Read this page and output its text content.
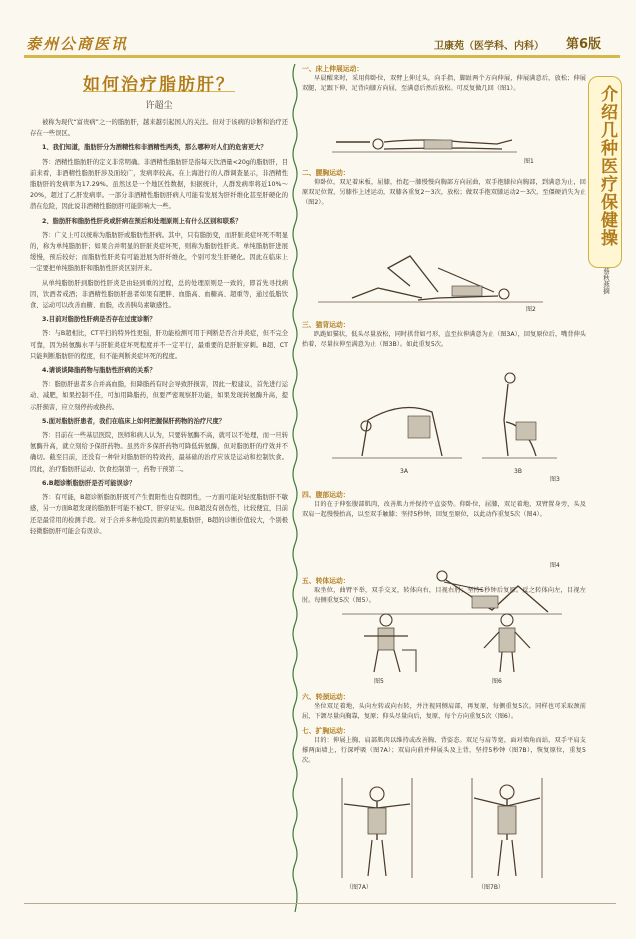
泰州公商医讯	卫康苑（医学科、内科） 第6版
如何治疗脂肪肝？
许超尘

被称为现代“富贵病”之一的脂肪肝，越来越引起国人的关注。但对于该病的诊断和治疗还存在一些误区。

1、我们知道，脂肪肝分为酒精性和非酒精性两类，那么哪种对人们的危害更大？

答：酒精性脂肪肝的定义非常明确。非酒精性脂肪肝是指每天饮酒量<20g的脂肪肝，目前来看，非酒精性脂肪肝涉及面较广，发病率较高。在上海进行的人群调查显示，非酒精性脂肪肝的发病率为17.29%。虽然这是一个地区性数据，但据统计，人群发病率将近10%～20%，超过了乙肝发病率。一部分非酒精性脂肪肝病人可能有发展为肝纤维化甚至肝硬化的潜在危险，因此说非酒精性脂肪肝可能影响大一些。

2、脂肪肝和脂肪性肝炎或肝病在预后和处理原则上有什么区别和联系？

答：广义上可以统称为脂肪肝或脂肪性肝病。其中，只有脂肪变，而肝脏炎症坏死不明显的，称为单纯脂肪肝；如果合并明显的肝脏炎症坏死，则称为脂肪性肝炎。单纯脂肪肝进展缓慢，预后较好；而脂肪性肝炎有可能进展为肝纤维化，个别可发生肝硬化。因此在临床上一定要把单纯脂肪肝和脂肪性肝炎区别开来。

从单纯脂肪肝到脂肪性肝炎是由轻到重的过程，总的处理原则是一致的，即首先寻找病因，饮酒者戒酒；非酒精性脂肪肝患者如果有肥胖、血脂高、血糖高、超重等，通过低脂饮食、运动可以改善血糖、血脂，改善胰岛素敏感性。

3.目前对脂肪性肝病是否存在过度诊断？

答：与B超相比，CT平扫的特异性更强，肝功能检测可用于判断是否合并炎症，但不完全可靠，因为转氨酶水平与肝脏炎症坏死程度并不一定平行，最重要的是肝脏穿刺。B超、CT只能判断脂肪肝的程度，但不能判断炎症坏死的程度。

4.请谈谈降脂药物与脂肪性肝病的关系？

答：脂肪肝患者多合并高血脂，但降脂药有时会导致肝损害，因此一般建议，首先进行运动、减肥，如果控制不佳，可加用降脂药，但要严密观察肝功能，如果发现转氨酶升高，提示肝损害，应立刻停药或换药。

5.面对脂肪肝患者，我们在临床上如何把握保肝药物的治疗尺度？

答：目前在一些基层医院，医师和病人认为，只要转氨酶不高，就可以不处理，而一旦转氨酶升高，就立刻给予保肝药物。虽然许多保肝药物可降低转氨酶，但对脂肪肝的疗效并不确切。截至目前，还没有一种针对脂肪肝的特效药，最基础的治疗应该是运动和控制饮食。因此，治疗脂肪肝运动、饮食控制第一，药物干预第二。

6.B超诊断脂肪肝是否可能误诊？

答：有可能，B超诊断脂肪肝既可产生假阳性也有假阴性，一方面可能对轻度脂肪肝不敏感，另一方面B超发现的脂肪肝可能不被CT、肝穿证实。但B超没有创伤性，比较便宜，目前还是最常用的检测手段。对于合并多种危险因素的明显脂肪肝，B超的诊断价值较大，个别极轻微脂肪肝可能会有误诊。

一、床上伸展运动：

早晨醒来时，采用仰卧位，双臂上伸过头，向手指，脚趾两个方向伸展，伸展满意后，放松；伸展双腿，足跟下伸，足背向膝方向屈，至满意后然后放松。可反复做几回（图1）。

图1
二、腰胸运动：

仰卧位，双足着床板，屈膝，抬起一膝慢慢向胸部方向屈曲，双手抱膝拉向胸部，到满意为止，回原双足位置，另膝作上述运动，双膝各重复2～3次，放松；做双手抱双膝运动2～3次，至僵硬消失为止（图2）。

图2
三、猫背运动：

趴跪如猫状，低头尽量放松，同时拱背如弓形，直至拉伸满意为止（图3A），回复原位后，嘴背伸头抬着，尽量拉伸至满意为止（图3B）。如此重复5次。

3A	3B
图3
四、腹部运动：

目的在于伸张腹部肌肉，改善肌力并保持平直姿势。仰卧位，屈膝，双足着地，双臂置身旁，头及双肩一起慢慢抬高，以至双手触膝；坚持5秒钟，回复至原位，以此动作重复5次（图4）。

图4
五、转体运动：

取坐位，曲臂平举，双手交叉，转体向右，目视右肘；坚持5秒钟后复原。反之转体向左，目视左肘。每侧重复5次（图5）。

图5	图6
六、转颈运动：

坐位双足着地，头向左转或向右转，并注视同侧肩部，再复原，每侧重复5次。同样也可采取颈前屈，下颌尽量向胸靠，复原；仰头尽量向后，复原，每个方向重复5次（图6）。

七、扩胸运动：

目的：伸展上胸、肩部肌肉以维持或改善胸、背姿态。双足与肩等宽，面对墙角而站，双手平肩支撑两面墙上，行深呼吸（图7A）；双肩向前并伸展头及上背，坚持5秒钟（图7B），恢复原位，重复5次。

（图7A）	（图7B）
介绍几种医疗保健操
蔡秋燕摘
